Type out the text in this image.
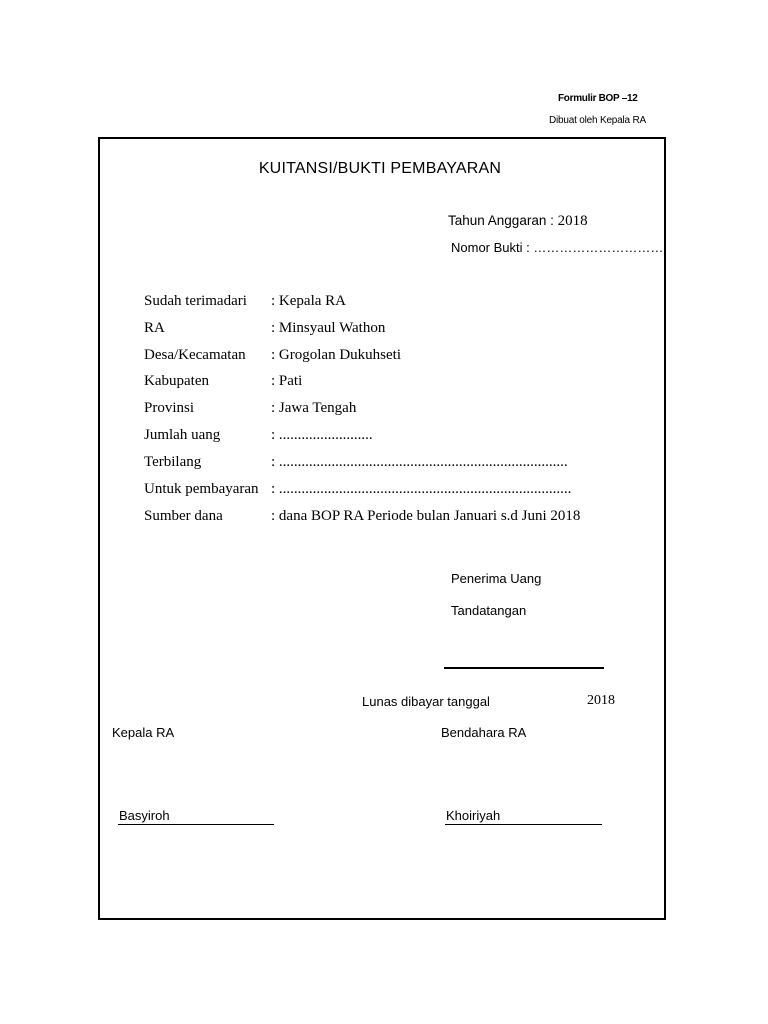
Formulir BOP –12
Dibuat oleh Kepala RA
KUITANSI/BUKTI PEMBAYARAN
Tahun Anggaran : 2018
Nomor Bukti : ………………………….
Sudah terimadari : Kepala RA
RA	: Minsyaul Wathon
Desa/Kecamatan : Grogolan Dukuhseti
Kabupaten	: Pati
Provinsi	: Jawa Tengah
Jumlah uang	: .........................
Terbilang	: .............................................................................
Untuk pembayaran : ..............................................................................
Sumber dana	: dana BOP RA Periode bulan Januari s.d Juni 2018
Penerima Uang
Tandatangan
Lunas dibayar tanggal	2018
Kepala RA	Bendahara RA
Basyiroh	Khoiriyah
